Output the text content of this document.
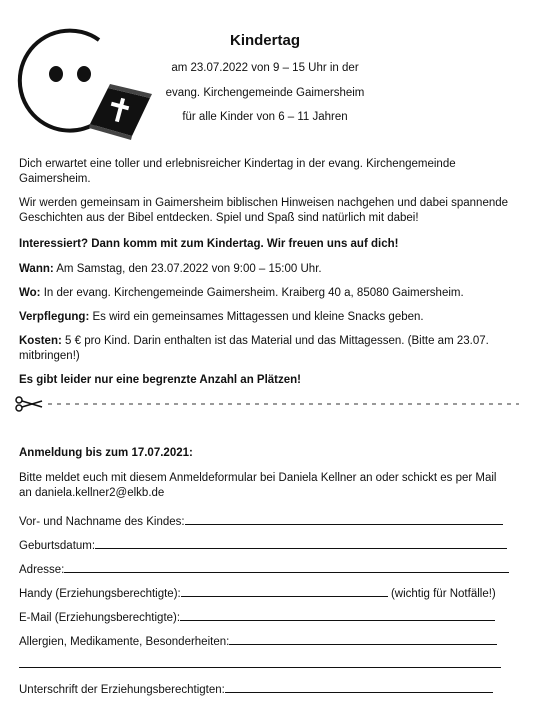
Kindertag
am 23.07.2022 von 9 – 15 Uhr in der
evang. Kirchengemeinde Gaimersheim
für alle Kinder von 6 – 11 Jahren
Dich erwartet eine toller und erlebnisreicher Kindertag in der evang. Kirchengemeinde Gaimersheim.
Wir werden gemeinsam in Gaimersheim biblischen Hinweisen nachgehen und dabei spannende Geschichten aus der Bibel entdecken. Spiel und Spaß sind natürlich mit dabei!
Interessiert? Dann komm mit zum Kindertag. Wir freuen uns auf dich!
Wann: Am Samstag, den 23.07.2022 von 9:00 – 15:00 Uhr.
Wo: In der evang. Kirchengemeinde Gaimersheim. Kraiberg 40 a, 85080 Gaimersheim.
Verpflegung: Es wird ein gemeinsames Mittagessen und kleine Snacks geben.
Kosten: 5 € pro Kind. Darin enthalten ist das Material und das Mittagessen. (Bitte am 23.07. mitbringen!)
Es gibt leider nur eine begrenzte Anzahl an Plätzen!
Anmeldung bis zum 17.07.2021:
Bitte meldet euch mit diesem Anmeldeformular bei Daniela Kellner an oder schickt es per Mail an daniela.kellner2@elkb.de
Vor- und Nachname des Kindes:
Geburtsdatum:
Adresse:
Handy (Erziehungsberechtigte):	(wichtig für Notfälle!)
E-Mail (Erziehungsberechtigte):
Allergien, Medikamente, Besonderheiten:
Unterschrift der Erziehungsberechtigten:
